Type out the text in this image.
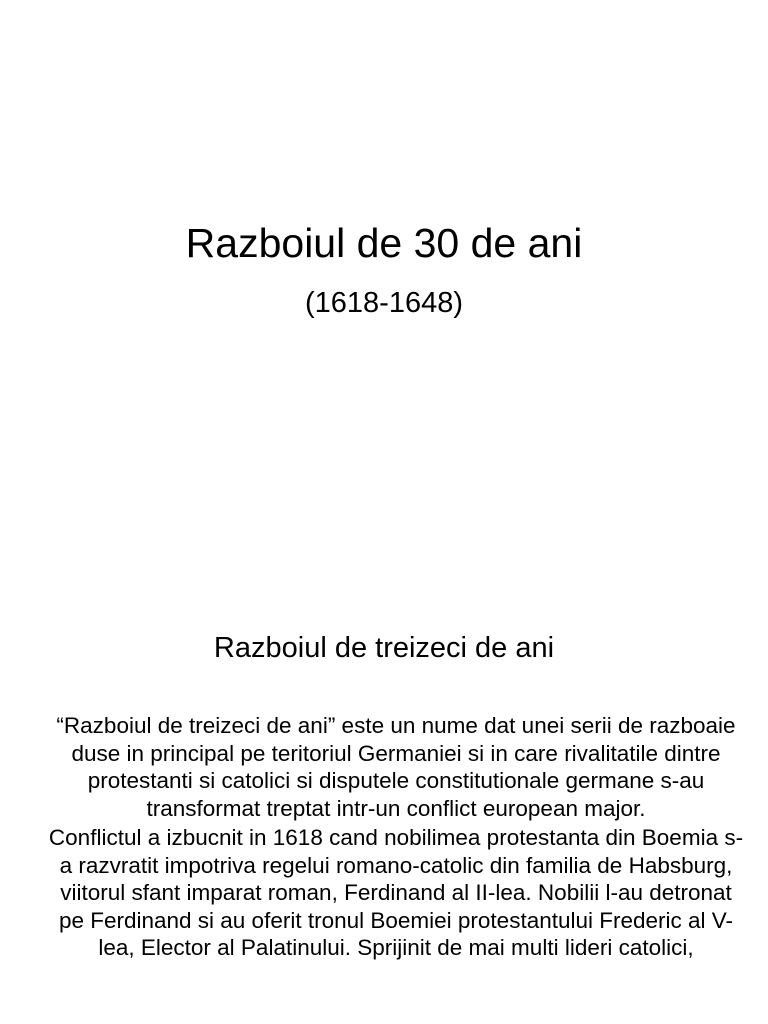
Razboiul de 30 de ani
(1618-1648)
Razboiul de treizeci de ani

“Razboiul de treizeci de ani” este un nume dat unei serii de razboaie duse in principal pe teritoriul Germaniei si in care rivalitatile dintre protestanti si catolici si disputele constitutionale germane s-au transformat treptat intr-un conflict european major.

Conflictul a izbucnit in 1618 cand nobilimea protestanta din Boemia s-a razvratit impotriva regelui romano-catolic din familia de Habsburg, viitorul sfant imparat roman, Ferdinand al II-lea. Nobilii l-au detronat pe Ferdinand si au oferit tronul Boemiei protestantului Frederic al V-lea, Elector al Palatinului. Sprijinit de mai multi lideri catolici,
